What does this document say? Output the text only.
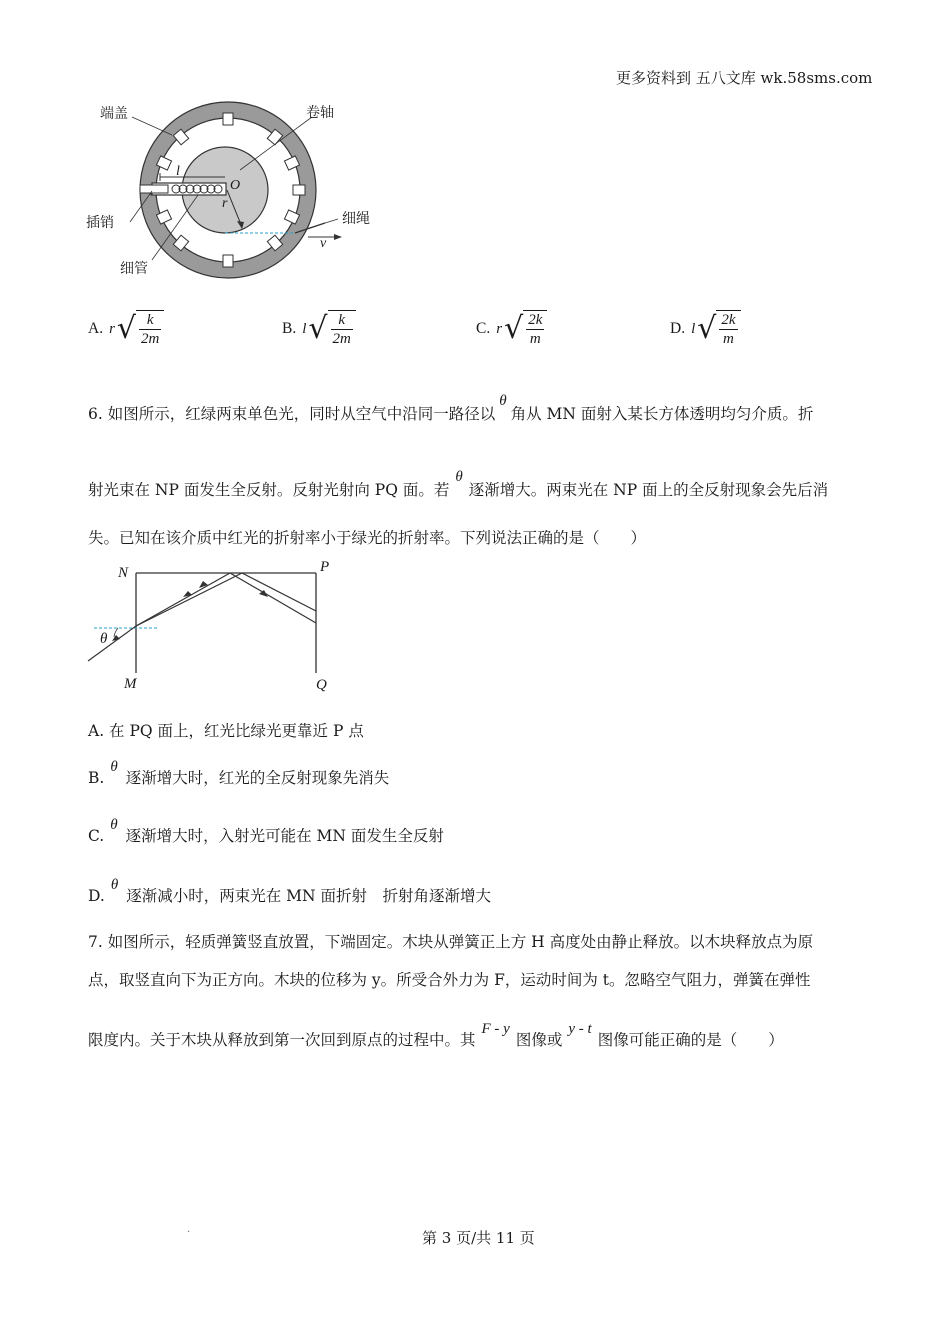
更多资料到 五八文库 wk.58sms.com
端盖	卷轴
插销
细管
细绳
l
O
r
v
A. r √ $\frac{k}{2m}$	B. l √ $\frac{k}{2m}$	C. r √ $\frac{2k}{m}$	D. l √ $\frac{2k}{m}$
6. 如图所示，红绿两束单色光，同时从空气中沿同一路径以θ角从 MN 面射入某长方体透明均匀介质。折
射光束在 NP 面发生全反射。反射光射向 PQ 面。若θ逐渐增大。两束光在 NP 面上的全反射现象会先后消
失。已知在该介质中红光的折射率小于绿光的折射率。下列说法正确的是（　　）
N	P
M	Q
θ
A. 在 PQ 面上，红光比绿光更靠近 P 点
B.θ逐渐增大时，红光的全反射现象先消失
C.θ逐渐增大时，入射光可能在 MN 面发生全反射
D.θ逐渐减小时，两束光在 MN 面折射　折射角逐渐增大
7. 如图所示，轻质弹簧竖直放置，下端固定。木块从弹簧正上方 H 高度处由静止释放。以木块释放点为原
点，取竖直向下为正方向。木块的位移为 y。所受合外力为 F，运动时间为 t。忽略空气阻力，弹簧在弹性
限度内。关于木块从释放到第一次回到原点的过程中。其F - y图像或y - t图像可能正确的是（　　）
.	第 3 页/共 11 页
